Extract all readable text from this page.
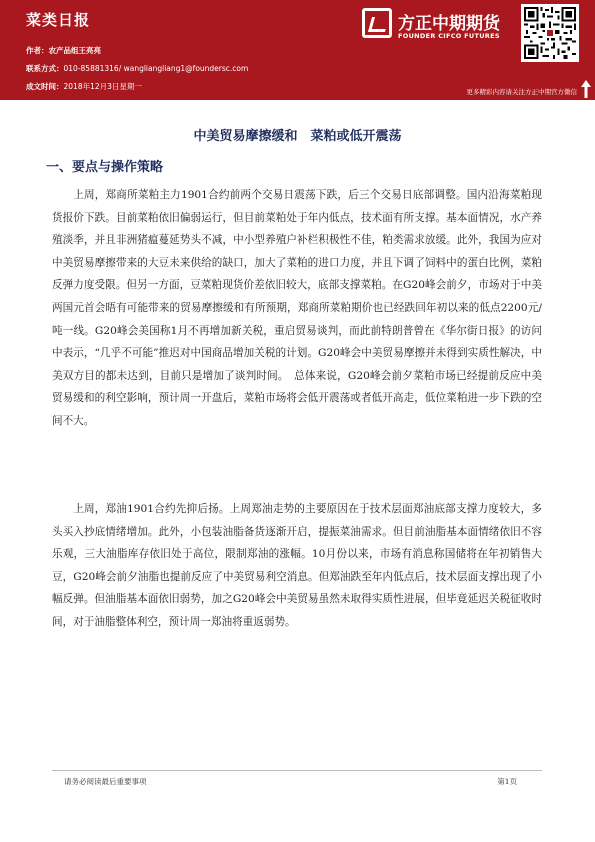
菜类日报
作者：农产品组王亮亮
联系方式：010-85881316/ wangliangliang1@foundersc.com
成文时间：2018年12月3日星期一
方正中期期货
FOUNDER CIFCO FUTURES
更多精彩内容请关注方正中期官方微信
中美贸易摩擦缓和　菜粕或低开震荡
一、要点与操作策略

上周，郑商所菜粕主力1901合约前两个交易日震荡下跌，后三个交易日底部调整。国内沿海菜粕现货报价下跌。目前菜粕依旧偏弱运行，但目前菜粕处于年内低点，技术面有所支撑。基本面情况，水产养殖淡季，并且非洲猪瘟蔓延势头不减，中小型养殖户补栏积极性不佳，粕类需求放缓。此外，我国为应对中美贸易摩擦带来的大豆未来供给的缺口，加大了菜粕的进口力度，并且下调了饲料中的蛋白比例，菜粕反弹力度受限。但另一方面，豆菜粕现货价差依旧较大，底部支撑菜粕。在G20峰会前夕，市场对于中美两国元首会晤有可能带来的贸易摩擦缓和有所预期，郑商所菜粕期价也已经跌回年初以来的低点2200元/吨一线。G20峰会美国称1月不再增加新关税，重启贸易谈判，而此前特朗普曾在《华尔街日报》的访问中表示，“几乎不可能”推迟对中国商品增加关税的计划。G20峰会中美贸易摩擦并未得到实质性解决，中美双方目的都未达到，目前只是增加了谈判时间。　总体来说，G20峰会前夕菜粕市场已经提前反应中美贸易缓和的利空影响，预计周一开盘后，菜粕市场将会低开震荡或者低开高走，低位菜粕进一步下跌的空间不大。

上周，郑油1901合约先抑后扬。上周郑油走势的主要原因在于技术层面郑油底部支撑力度较大，多头买入抄底情绪增加。此外，小包装油脂备货逐渐开启，提振菜油需求。但目前油脂基本面情绪依旧不容乐观，三大油脂库存依旧处于高位，限制郑油的涨幅。10月份以来，市场有消息称国储将在年初销售大豆，G20峰会前夕油脂也提前反应了中美贸易利空消息。但郑油跌至年内低点后，技术层面支撑出现了小幅反弹。但油脂基本面依旧弱势，加之G20峰会中美贸易虽然未取得实质性进展，但毕竟延迟关税征收时间，对于油脂整体利空，预计周一郑油将重返弱势。

请务必阅读最后重要事项	第1页
